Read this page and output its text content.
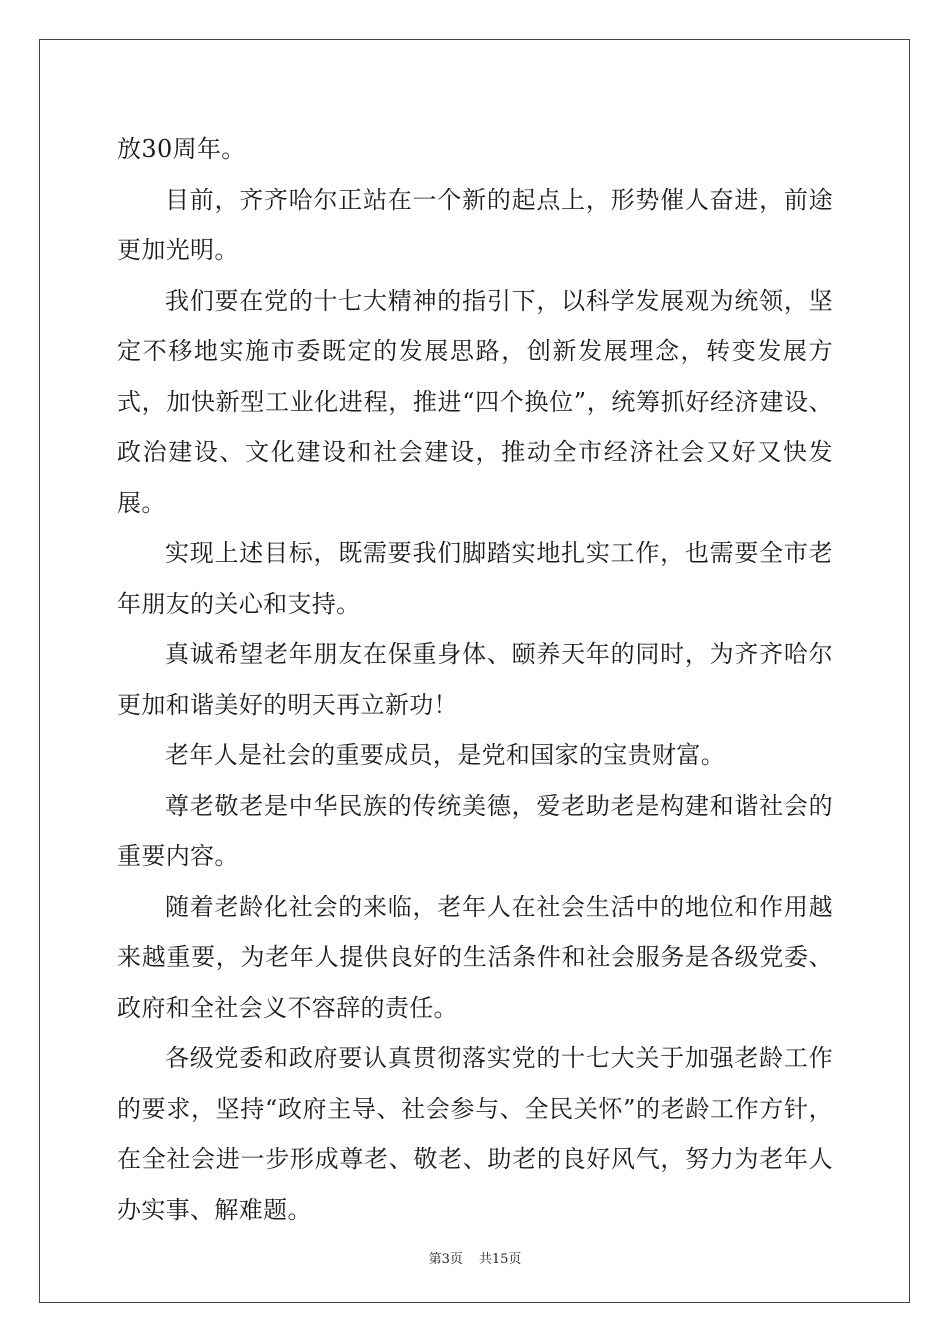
放30周年。

目前，齐齐哈尔正站在一个新的起点上，形势催人奋进，前途更加光明。

我们要在党的十七大精神的指引下，以科学发展观为统领，坚定不移地实施市委既定的发展思路，创新发展理念，转变发展方式，加快新型工业化进程，推进“四个换位”，统筹抓好经济建设、政治建设、文化建设和社会建设，推动全市经济社会又好又快发展。

实现上述目标，既需要我们脚踏实地扎实工作，也需要全市老年朋友的关心和支持。

真诚希望老年朋友在保重身体、颐养天年的同时，为齐齐哈尔更加和谐美好的明天再立新功！

老年人是社会的重要成员，是党和国家的宝贵财富。

尊老敬老是中华民族的传统美德，爱老助老是构建和谐社会的重要内容。

随着老龄化社会的来临，老年人在社会生活中的地位和作用越来越重要，为老年人提供良好的生活条件和社会服务是各级党委、政府和全社会义不容辞的责任。

各级党委和政府要认真贯彻落实党的十七大关于加强老龄工作的要求，坚持“政府主导、社会参与、全民关怀”的老龄工作方针，在全社会进一步形成尊老、敬老、助老的良好风气，努力为老年人办实事、解难题。

第3页 共15页
